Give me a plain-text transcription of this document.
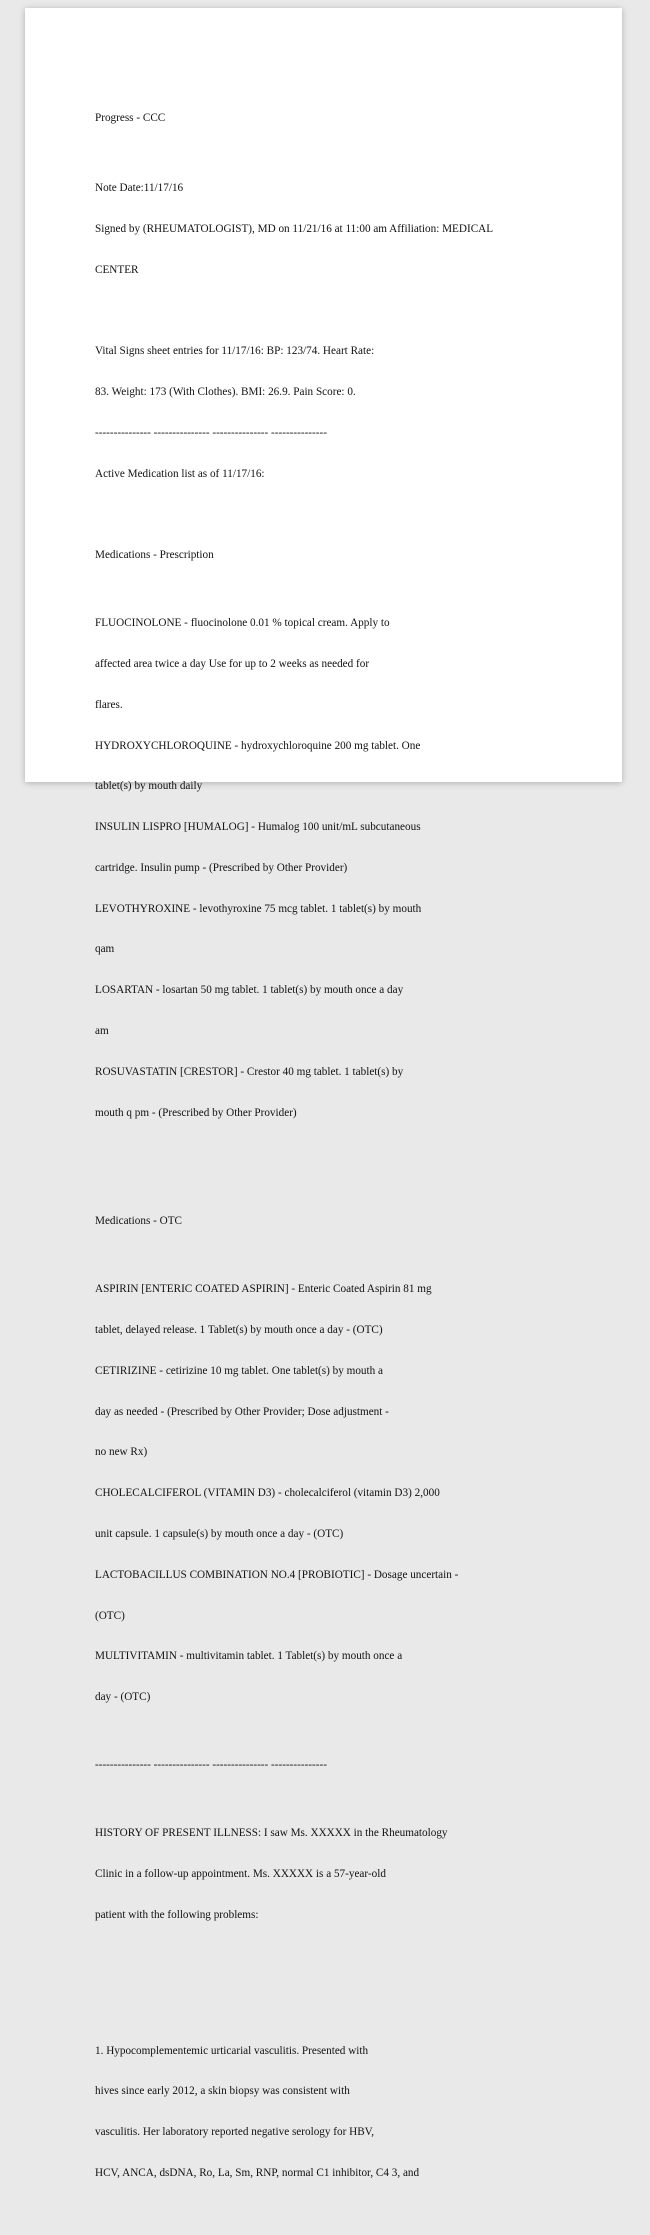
Progress - CCC

Note Date:11/17/16

Signed by (RHEUMATOLOGIST), MD on 11/21/16 at 11:00 am Affiliation: MEDICAL

CENTER

Vital Signs sheet entries for 11/17/16: BP: 123/74. Heart Rate:

83. Weight: 173 (With Clothes). BMI: 26.9. Pain Score: 0.

--------------- --------------- --------------- ---------------

Active Medication list as of 11/17/16:

Medications - Prescription

FLUOCINOLONE - fluocinolone 0.01 % topical cream. Apply to

affected area twice a day Use for up to 2 weeks as needed for

flares.

HYDROXYCHLOROQUINE - hydroxychloroquine 200 mg tablet. One

tablet(s) by mouth daily

INSULIN LISPRO [HUMALOG] - Humalog 100 unit/mL subcutaneous

cartridge. Insulin pump - (Prescribed by Other Provider)

LEVOTHYROXINE - levothyroxine 75 mcg tablet. 1 tablet(s) by mouth

qam

LOSARTAN - losartan 50 mg tablet. 1 tablet(s) by mouth once a day

am

ROSUVASTATIN [CRESTOR] - Crestor 40 mg tablet. 1 tablet(s) by

mouth q pm - (Prescribed by Other Provider)

Medications - OTC

ASPIRIN [ENTERIC COATED ASPIRIN] - Enteric Coated Aspirin 81 mg

tablet, delayed release. 1 Tablet(s) by mouth once a day - (OTC)

CETIRIZINE - cetirizine 10 mg tablet. One tablet(s) by mouth a

day as needed - (Prescribed by Other Provider; Dose adjustment -

no new Rx)

CHOLECALCIFEROL (VITAMIN D3) - cholecalciferol (vitamin D3) 2,000

unit capsule. 1 capsule(s) by mouth once a day - (OTC)

LACTOBACILLUS COMBINATION NO.4 [PROBIOTIC] - Dosage uncertain -

(OTC)

MULTIVITAMIN - multivitamin tablet. 1 Tablet(s) by mouth once a

day - (OTC)

--------------- --------------- --------------- ---------------

HISTORY OF PRESENT ILLNESS: I saw Ms. XXXXX in the Rheumatology

Clinic in a follow-up appointment. Ms. XXXXX is a 57-year-old

patient with the following problems:

1. Hypocomplementemic urticarial vasculitis. Presented with

hives since early 2012, a skin biopsy was consistent with

vasculitis. Her laboratory reported negative serology for HBV,

HCV, ANCA, dsDNA, Ro, La, Sm, RNP, normal C1 inhibitor, C4 3, and
